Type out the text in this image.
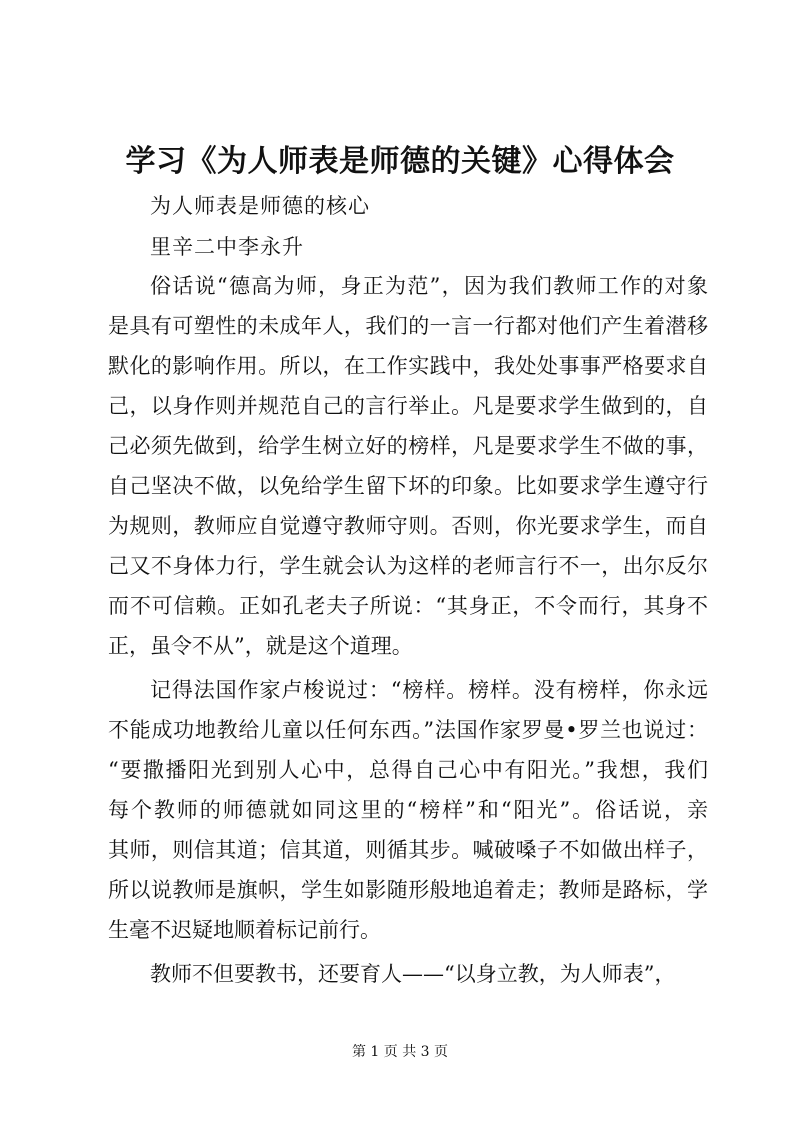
学习《为人师表是师德的关键》心得体会
为人师表是师德的核心
里辛二中李永升
俗话说“德高为师，身正为范”，因为我们教师工作的对象
是具有可塑性的未成年人，我们的一言一行都对他们产生着潜移
默化的影响作用。所以，在工作实践中，我处处事事严格要求自
己，以身作则并规范自己的言行举止。凡是要求学生做到的，自
己必须先做到，给学生树立好的榜样，凡是要求学生不做的事，
自己坚决不做，以免给学生留下坏的印象。比如要求学生遵守行
为规则，教师应自觉遵守教师守则。否则，你光要求学生，而自
己又不身体力行，学生就会认为这样的老师言行不一，出尔反尔
而不可信赖。正如孔老夫子所说：“其身正，不令而行，其身不
正，虽令不从”，就是这个道理。
记得法国作家卢梭说过：“榜样。榜样。没有榜样，你永远
不能成功地教给儿童以任何东西。”法国作家罗曼•罗兰也说过：
“要撒播阳光到别人心中，总得自己心中有阳光。”我想，我们
每个教师的师德就如同这里的“榜样”和“阳光”。俗话说，亲
其师，则信其道；信其道，则循其步。喊破嗓子不如做出样子，
所以说教师是旗帜，学生如影随形般地追着走；教师是路标，学
生毫不迟疑地顺着标记前行。
教师不但要教书，还要育人——“以身立教，为人师表”，
第 1 页 共 3 页
